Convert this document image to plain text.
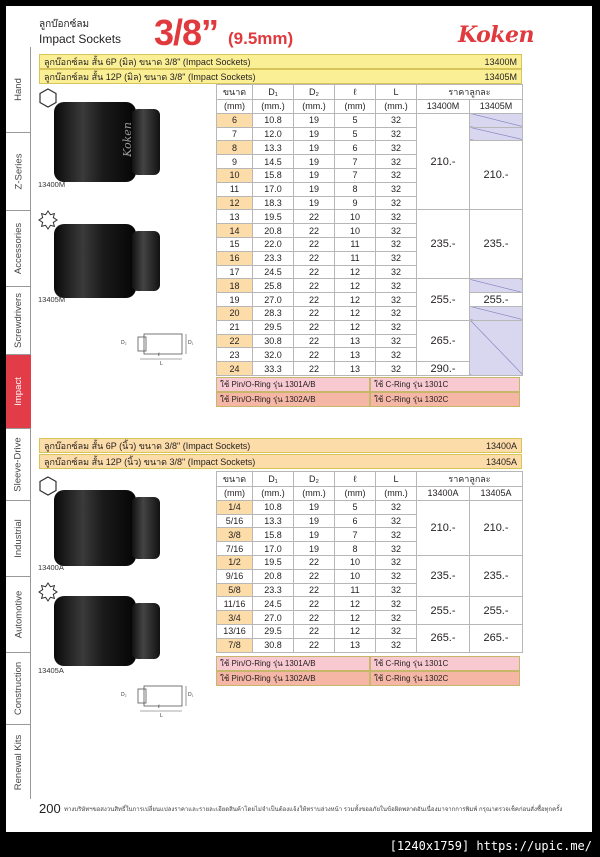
ลูกบ๊อกซ์ลม
Impact Sockets 3/8” (9.5mm)	Koken
Hand
Z-Series
Accessories
Screwdrivers
Impact
Sleeve-Drive
Industrial
Automotive
Construction
Renewal Kits
ลูกบ๊อกซ์ลม สั้น 6P (มิล) ขนาด 3/8" (Impact Sockets)	13400M
ลูกบ๊อกซ์ลม สั้น 12P (มิล) ขนาด 3/8" (Impact Sockets)	13405M
Koken
13400M
13405M
D₂	D₁
ℓ
L
ขนาด	D₁	D₂	ℓ	L	ราคาลูกละ	
(mm)	(mm.)	(mm.)	(mm)	(mm.)	13400M	13405M
6	10.8	19	5	32	210.-	
7	12.0	19	5	32		
8	13.3	19	6	32		210.-
9	14.5	19	7	32		
10	15.8	19	7	32		
11	17.0	19	8	32		
12	18.3	19	9	32		
13	19.5	22	10	32	235.-	235.-
14	20.8	22	10	32		
15	22.0	22	11	32		
16	23.3	22	11	32		
17	24.5	22	12	32		
18	25.8	22	12	32	255.-	
19	27.0	22	12	32		255.-
20	28.3	22	12	32		
21	29.5	22	12	32	265.-	
22	30.8	22	13	32		
23	32.0	22	13	32		
24	33.3	22	13	32	290.-	
ใช้ Pin/O-Ring รุ่น 1301A/B	ใช้ C-Ring รุ่น 1301C
ใช้ Pin/O-Ring รุ่น 1302A/B	ใช้ C-Ring รุ่น 1302C
ลูกบ๊อกซ์ลม สั้น 6P (นิ้ว) ขนาด 3/8" (Impact Sockets)	13400A
ลูกบ๊อกซ์ลม สั้น 12P (นิ้ว) ขนาด 3/8" (Impact Sockets)	13405A
13400A
13405A
D₂	D₁
ℓ
L
ขนาด	D₁	D₂	ℓ	L	ราคาลูกละ	
(mm)	(mm.)	(mm.)	(mm)	(mm.)	13400A	13405A
1/4	10.8	19	5	32	210.-	210.-
5/16	13.3	19	6	32		
3/8	15.8	19	7	32		
7/16	17.0	19	8	32		
1/2	19.5	22	10	32	235.-	235.-
9/16	20.8	22	10	32		
5/8	23.3	22	11	32		
11/16	24.5	22	12	32	255.-	255.-
3/4	27.0	22	12	32		
13/16	29.5	22	12	32	265.-	265.-
7/8	30.8	22	13	32		
ใช้ Pin/O-Ring รุ่น 1301A/B	ใช้ C-Ring รุ่น 1301C
ใช้ Pin/O-Ring รุ่น 1302A/B	ใช้ C-Ring รุ่น 1302C
200 ทางบริษัทฯขอสงวนสิทธิ์ในการเปลี่ยนแปลงราคาและรายละเอียดสินค้าโดยไม่จำเป็นต้องแจ้งให้ทราบล่วงหน้า รวมทั้งขออภัยในข้อผิดพลาดอันเนื่องมาจากการพิมพ์ กรุณาตรวจเช็คก่อนสั่งซื้อทุกครั้ง
[1240x1759] https://upic.me/
